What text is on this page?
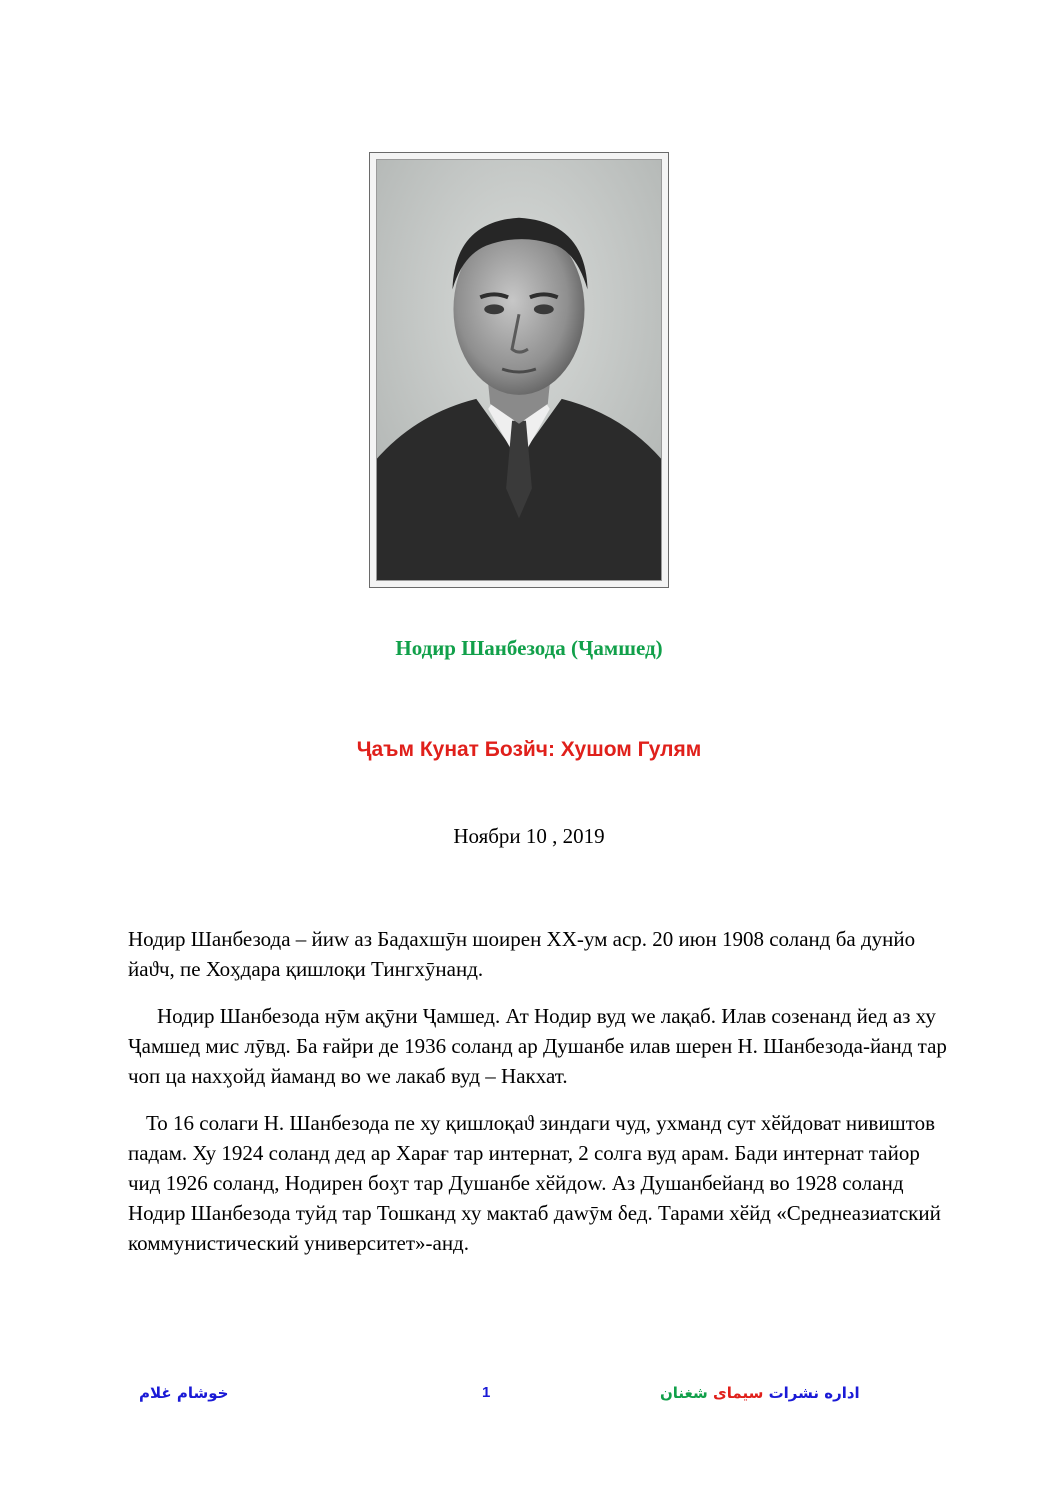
Нодир Шанбезода (Ҷамшед)
Ҷаъм Кунат Бозйч: Хушом Гулям

Ноябри 10 , 2019

Нодир Шанбезода – йиw аз Бадахшӯн шоирен XX-ум аср. 20 июн 1908 соланд ба дунйо йаϑч, пе Хоӽдара қишлоқи Тингхӯнанд.

Нодир Шанбезода нӯм ақӯни Ҷамшед. Ат Нодир вуд we лақаб. Илав созенанд йед аз ху Ҷамшед мис лӯвд. Ба ғайри де 1936 соланд ар Душанбе илав шерен Н. Шанбезода-йанд тар чоп ца нахӽойд йаманд во we лакаб вуд – Накхат.

То 16 солаги Н. Шанбезода пе ху қишлоқаϑ зиндаги чуд, ухманд сут хӗйдоват нивиштов падам. Ху 1924 соланд дед ар Харағ тар интернат, 2 солга вуд арам. Бади интернат тайор чид 1926 соланд, Нодирен боӽт тар Душанбе хӗйдоw. Аз Душанбейанд во 1928 соланд Нодир Шанбезода туйд тар Тошканд ху мактаб даwӯм δед. Тарами хӗйд «Среднеазиатский коммунистический университет»-анд.

خوشام غلام	1	اداره نشرات سیمای شغنان
